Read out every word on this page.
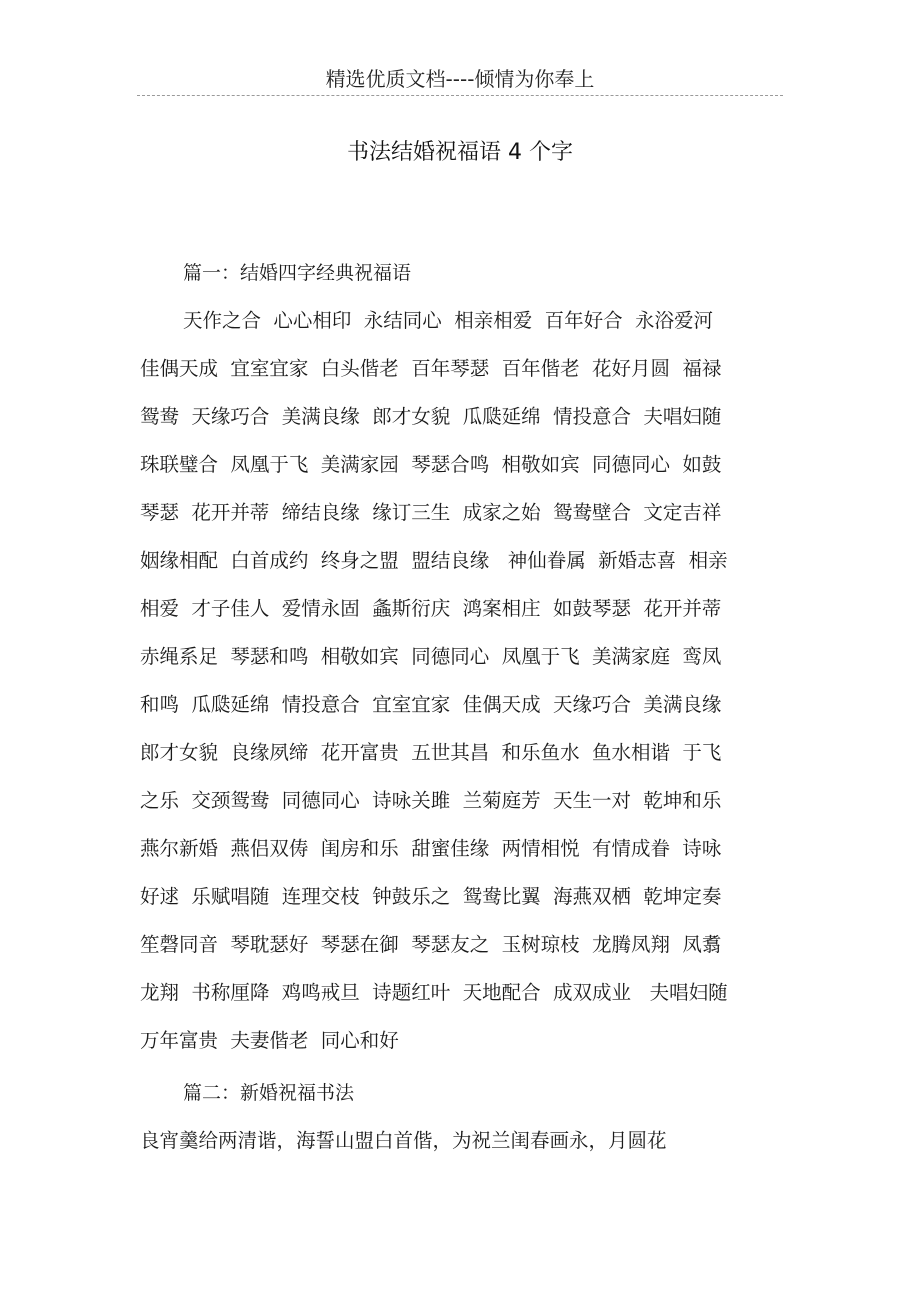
精选优质文档----倾情为你奉上
书法结婚祝福语 4 个字
篇一：结婚四字经典祝福语
天作之合  心心相印  永结同心  相亲相爱  百年好合  永浴爱河
佳偶天成  宜室宜家  白头偕老  百年琴瑟  百年偕老  花好月圆  福禄
鸳鸯  天缘巧合  美满良缘  郎才女貌  瓜瓞延绵  情投意合  夫唱妇随
珠联璧合  凤凰于飞  美满家园  琴瑟合鸣  相敬如宾  同德同心  如鼓
琴瑟  花开并蒂  缔结良缘  缘订三生  成家之始  鸳鸯壁合  文定吉祥
姻缘相配  白首成约  终身之盟  盟结良缘   神仙眷属  新婚志喜  相亲
相爱  才子佳人  爱情永固  螽斯衍庆  鸿案相庄  如鼓琴瑟  花开并蒂
赤绳系足  琴瑟和鸣  相敬如宾  同德同心  凤凰于飞  美满家庭  鸾凤
和鸣  瓜瓞延绵  情投意合  宜室宜家  佳偶天成  天缘巧合  美满良缘
郎才女貌  良缘夙缔  花开富贵  五世其昌  和乐鱼水  鱼水相谐  于飞
之乐  交颈鸳鸯  同德同心  诗咏关雎  兰菊庭芳  天生一对  乾坤和乐
燕尔新婚  燕侣双俦  闺房和乐  甜蜜佳缘  两情相悦  有情成眷  诗咏
好逑  乐赋唱随  连理交枝  钟鼓乐之  鸳鸯比翼  海燕双栖  乾坤定奏
笙磬同音  琴耽瑟好  琴瑟在御  琴瑟友之  玉树琼枝  龙腾凤翔  凤翥
龙翔  书称厘降  鸡鸣戒旦  诗题红叶  天地配合  成双成业   夫唱妇随
万年富贵  夫妻偕老  同心和好
篇二：新婚祝福书法
良宵羹给两清谐，海誓山盟白首偕，为祝兰闺春画永，月圆花
